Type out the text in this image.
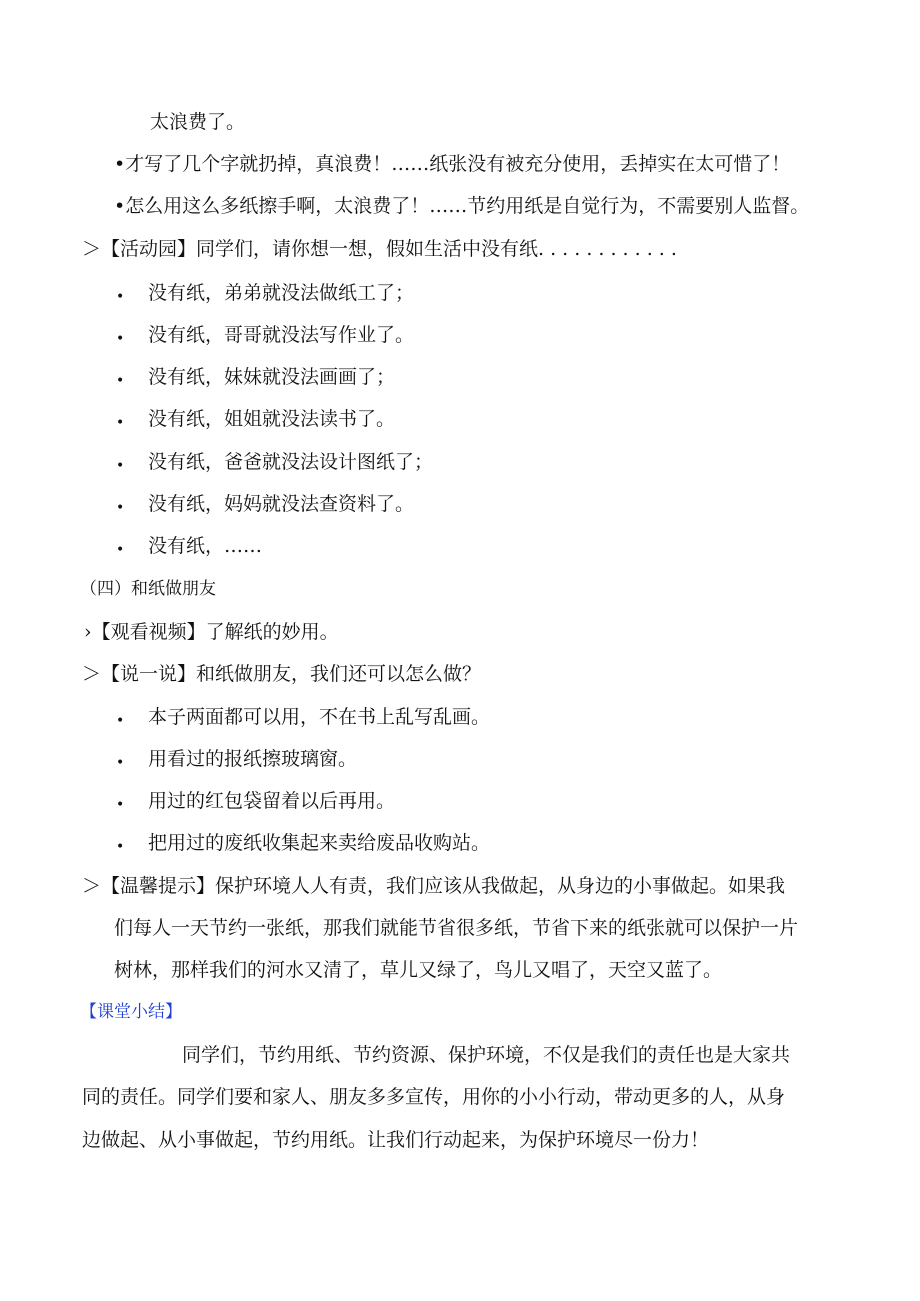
太浪费了。
•才写了几个字就扔掉，真浪费！……纸张没有被充分使用，丢掉实在太可惜了！
•怎么用这么多纸擦手啊，太浪费了！……节约用纸是自觉行为，不需要别人监督。
＞【活动园】同学们，请你想一想，假如生活中没有纸. . . . . . . . . . . .
• 没有纸，弟弟就没法做纸工了；
• 没有纸，哥哥就没法写作业了。
• 没有纸，妹妹就没法画画了；
• 没有纸，姐姐就没法读书了。
• 没有纸，爸爸就没法设计图纸了；
• 没有纸，妈妈就没法查资料了。
• 没有纸，……
（四）和纸做朋友
›【观看视频】了解纸的妙用。
＞【说一说】和纸做朋友，我们还可以怎么做？
• 本子两面都可以用，不在书上乱写乱画。
• 用看过的报纸擦玻璃窗。
• 用过的红包袋留着以后再用。
• 把用过的废纸收集起来卖给废品收购站。
＞【温馨提示】保护环境人人有责，我们应该从我做起，从身边的小事做起。如果我
们每人一天节约一张纸，那我们就能节省很多纸，节省下来的纸张就可以保护一片
树林，那样我们的河水又清了，草儿又绿了，鸟儿又唱了，天空又蓝了。
【课堂小结】
同学们，节约用纸、节约资源、保护环境，不仅是我们的责任也是大家共
同的责任。同学们要和家人、朋友多多宣传，用你的小小行动，带动更多的人，从身
边做起、从小事做起，节约用纸。让我们行动起来，为保护环境尽一份力！
